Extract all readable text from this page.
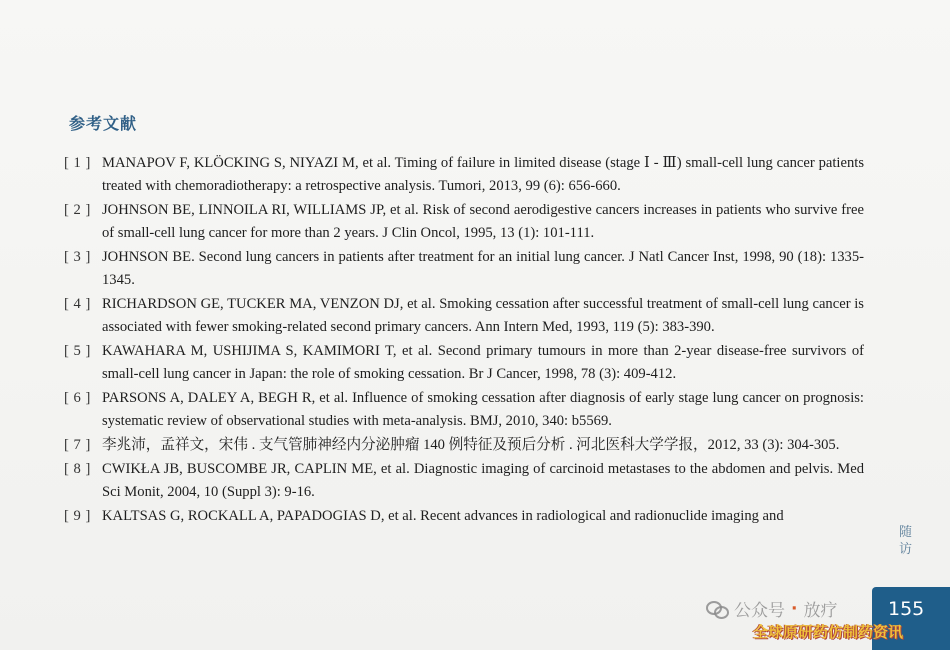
参考文献
[ 1 ] MANAPOV F, KLÖCKING S, NIYAZI M, et al. Timing of failure in limited disease (stage Ⅰ - Ⅲ) small-cell lung cancer patients treated with chemoradiotherapy: a retrospective analysis. Tumori, 2013, 99 (6): 656-660.
[ 2 ] JOHNSON BE, LINNOILA RI, WILLIAMS JP, et al. Risk of second aerodigestive cancers increases in patients who survive free of small-cell lung cancer for more than 2 years. J Clin Oncol, 1995, 13 (1): 101-111.
[ 3 ] JOHNSON BE. Second lung cancers in patients after treatment for an initial lung cancer. J Natl Cancer Inst, 1998, 90 (18): 1335-1345.
[ 4 ] RICHARDSON GE, TUCKER MA, VENZON DJ, et al. Smoking cessation after successful treatment of small-cell lung cancer is associated with fewer smoking-related second primary cancers. Ann Intern Med, 1993, 119 (5): 383-390.
[ 5 ] KAWAHARA M, USHIJIMA S, KAMIMORI T, et al. Second primary tumours in more than 2-year disease-free survivors of small-cell lung cancer in Japan: the role of smoking cessation. Br J Cancer, 1998, 78 (3): 409-412.
[ 6 ] PARSONS A, DALEY A, BEGH R, et al. Influence of smoking cessation after diagnosis of early stage lung cancer on prognosis: systematic review of observational studies with meta-analysis. BMJ, 2010, 340: b5569.
[ 7 ] 李兆沛，孟祥文，宋伟 . 支气管肺神经内分泌肿瘤 140 例特征及预后分析 . 河北医科大学学报，2012, 33 (3): 304-305.
[ 8 ] CWIKŁA JB, BUSCOMBE JR, CAPLIN ME, et al. Diagnostic imaging of carcinoid metastases to the abdomen and pelvis. Med Sci Monit, 2004, 10 (Suppl 3): 9-16.
[ 9 ] KALTSAS G, ROCKALL A, PAPADOGIAS D, et al. Recent advances in radiological and radionuclide imaging and
随访
155
公众号 · 放疗
全球原研药仿制药资讯
